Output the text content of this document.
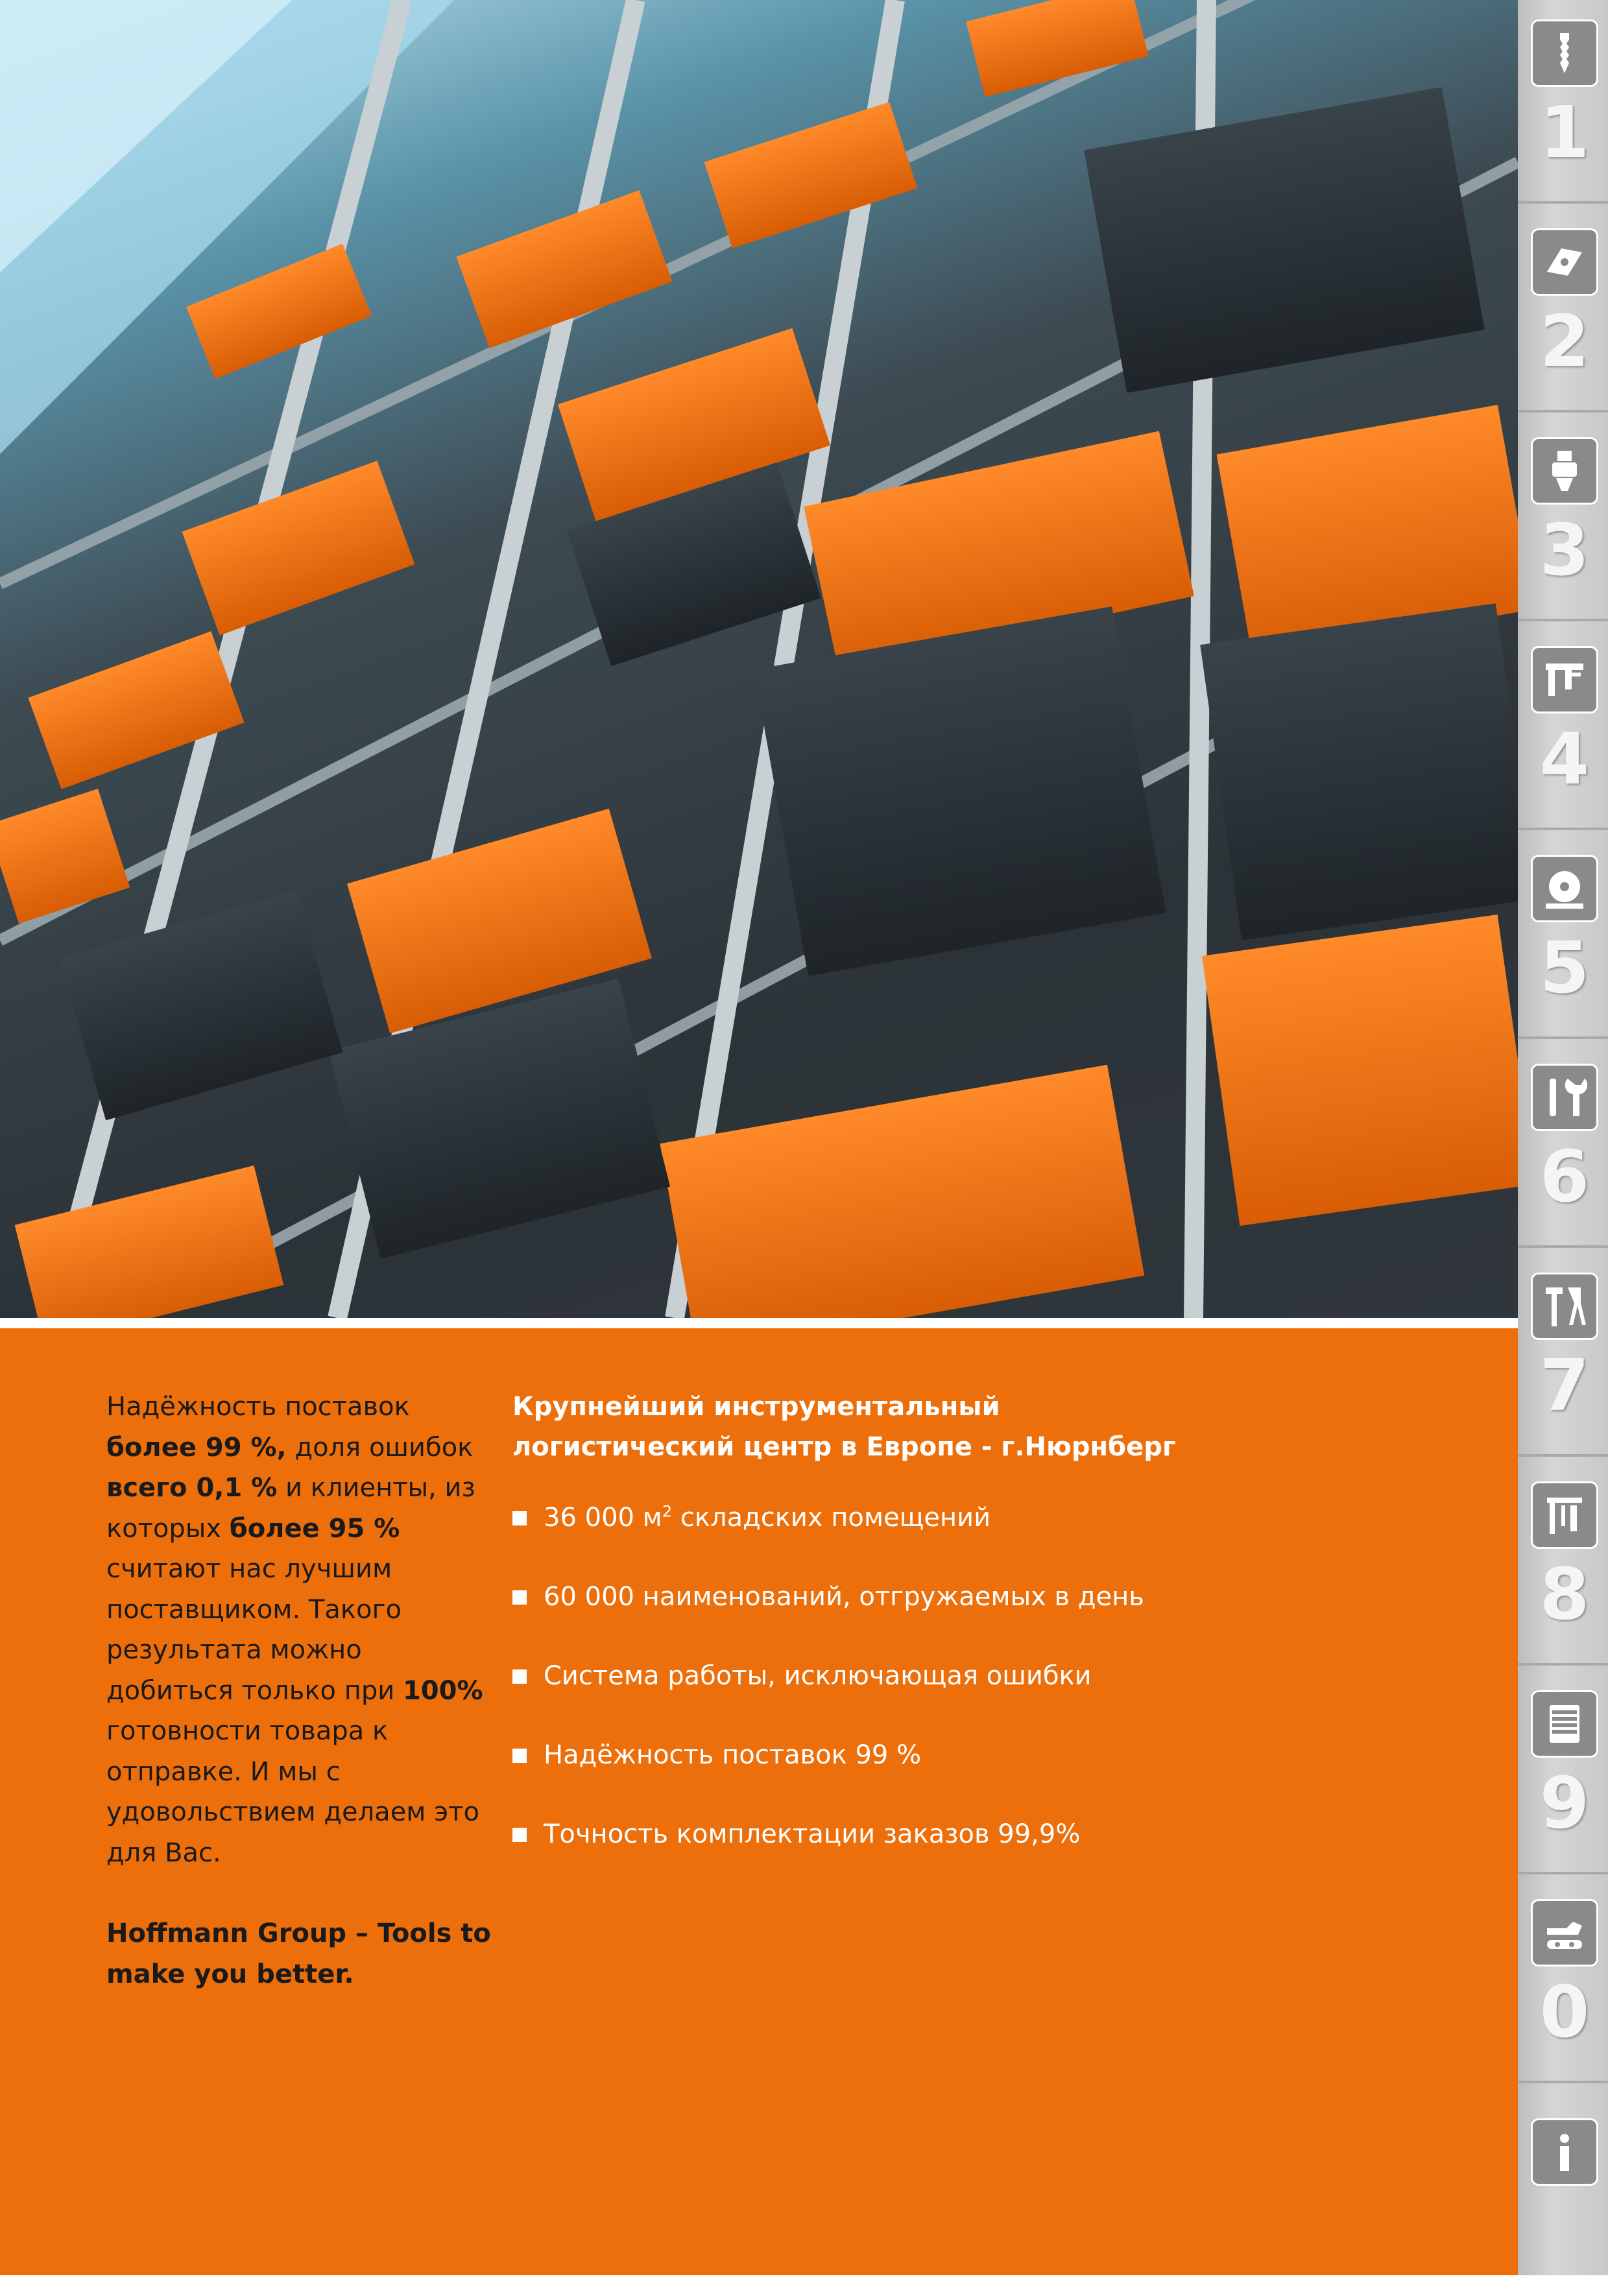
Надёжность поставок
более 99 %, доля ошибок
всего 0,1 % и клиенты, из которых более 95 % считают нас лучшим поставщиком. Такого результата можно добиться только при 100% готовности товара к отправке. И мы с удовольствием делаем это для Вас.

Hoffmann Group – Tools to make you better.

Крупнейший инструментальный логистический центр в Европе - г.Нюрнберг

36 000 $м^2$ складских помещений
60 000 наименований, отгружаемых в день
Система работы, исключающая ошибки
Надёжность поставок 99 %
Точность комплектации заказов 99,9%
1
2
3
4
5
6
7
8
9
0
